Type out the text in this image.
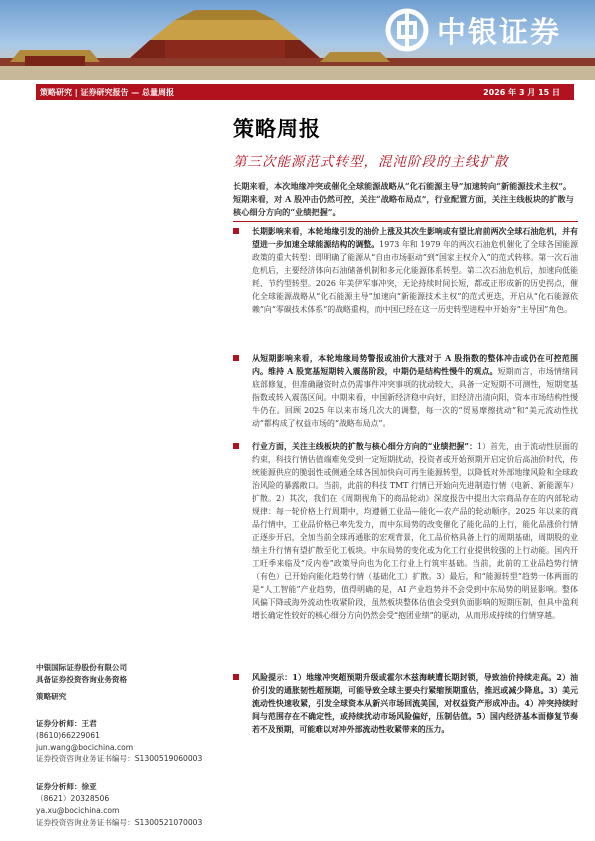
中银证券
策略研究 | 证券研究报告 — 总量周报	2026 年 3 月 15 日
策略周报
第三次能源范式转型，混沌阶段的主线扩散
长期来看，本次地缘冲突或催化全球能源战略从“化石能源主导”加速转向“新能源技术主权”。短期来看，对 A 股冲击仍然可控，关注“战略布局点”，行业配置方面，关注主线板块的扩散与核心细分方向的“业绩把握”。
长期影响来看，本轮地缘引发的油价上涨及其次生影响或有望比肩前两次全球石油危机，并有望进一步加速全球能源结构的调整。1973 年和 1979 年的两次石油危机催化了全球各国能源政策的重大转型：即明确了能源从“自由市场驱动”到“国家主权介入”的范式转移。第一次石油危机后，主要经济体向石油储备机制和多元化能源体系转型。第二次石油危机后，加速向低能耗、节约型转型。2026 年美伊军事冲突，无论持续时间长短，都或正形成新的历史拐点，催化全球能源战略从“化石能源主导”加速向“新能源技术主权”的范式更迭，开启从“化石能源依赖”向“零碳技术体系”的战略重构，而中国已经在这一历史转型进程中开始夯“主导国”角色。
从短期影响来看，本轮地缘局势警报或油价大涨对于 A 股指数的整体冲击或仍在可控范围内。维持 A 股宽基短期转入震荡阶段，中期仍是结构性慢牛的观点。短期而言，市场情绪同底部修复，但准确融资时点仍需事件冲突事项的扰动较大，具备一定短期不可测性，短期宽基指数或转入震荡区间。中期来看，中国新经济稳中向好，旧经济出清向阳，资本市场结构性慢牛仍在。回顾 2025 年以来市场几次大的调整，每一次的“贸易摩擦扰动”和“美元流动性扰动”都构成了权益市场的“战略布局点”。
行业方面，关注主线板块的扩散与核心细分方向的“业绩把握”：1）首先，由于流动性层面的约束，科技行情估值端难免受到一定短期扰动，投资者或开始预期开启定价后高油价时代，传统能源供应的脆弱性或侧通全球各国加快向可再生能源转型，以降低对外部地缘风险和全球政治风险的暴露敞口。当前，此前的科技 TMT 行情已开始向先进制造行情（电新、新能源车）扩散。2）其次，我们在《周期视角下的商品轮动》深度报告中提出大宗商品存在的内部轮动规律：每一轮价格上行周期中，均遵循工业品—能化—农产品的轮动顺序。2025 年以来的商品行情中，工业品价格已率先发力，而中东局势的改变催化了能化品的上行，能化品涨价行情正逐步开启，全加当前全球再通胀的宏观背景，化工品价格具备上行的周期基础，周期股的业绩主升行情有望扩散至化工板块。中东局势的变化或为化工行业提供较强的上行动能。国内开工旺季来临及“反内卷”政策导向也为化工行业上行筑牢基础。当前，此前的工业品趋势行情（有色）已开始向能化趋势行情（基础化工）扩散。3）最后，和“能源转型”趋势一体两面的是“人工智能”产业趋势，值得明确的是，AI 产业趋势并不会受到中东局势的明显影响。整体风偏下降或海外流动性收紧阶段，虽然板块整体估值会受到负面影响的短期压制，但具中盈利增长确定性较好的核心细分方向仍然会受“抱团业绩”的驱动，从而形成持续的行情穿越。
风险提示：1）地缘冲突超预期升级或霍尔木兹海峡遭长期封锁，导致油价持续走高。2）油价引发的通胀韧性超预期，可能导致全球主要央行紧缩预期重估，推迟或减少降息。3）美元流动性快速收紧，引发全球资本从新兴市场回流美国，对权益资产形成冲击。4）冲突持续时间与范围存在不确定性，或持续扰动市场风险偏好，压制估值。5）国内经济基本面修复节奏若不及预期，可能难以对冲外部流动性收紧带来的压力。
中银国际证券股份有限公司
具备证券投资咨询业务资格
策略研究
证券分析师：王君
(8610)66229061
jun.wang@bocichina.com
证券投资咨询业务证书编号：S1300519060003
证券分析师：徐亚
（8621）20328506
ya.xu@bocichina.com
证券投资咨询业务证书编号：S1300521070003
